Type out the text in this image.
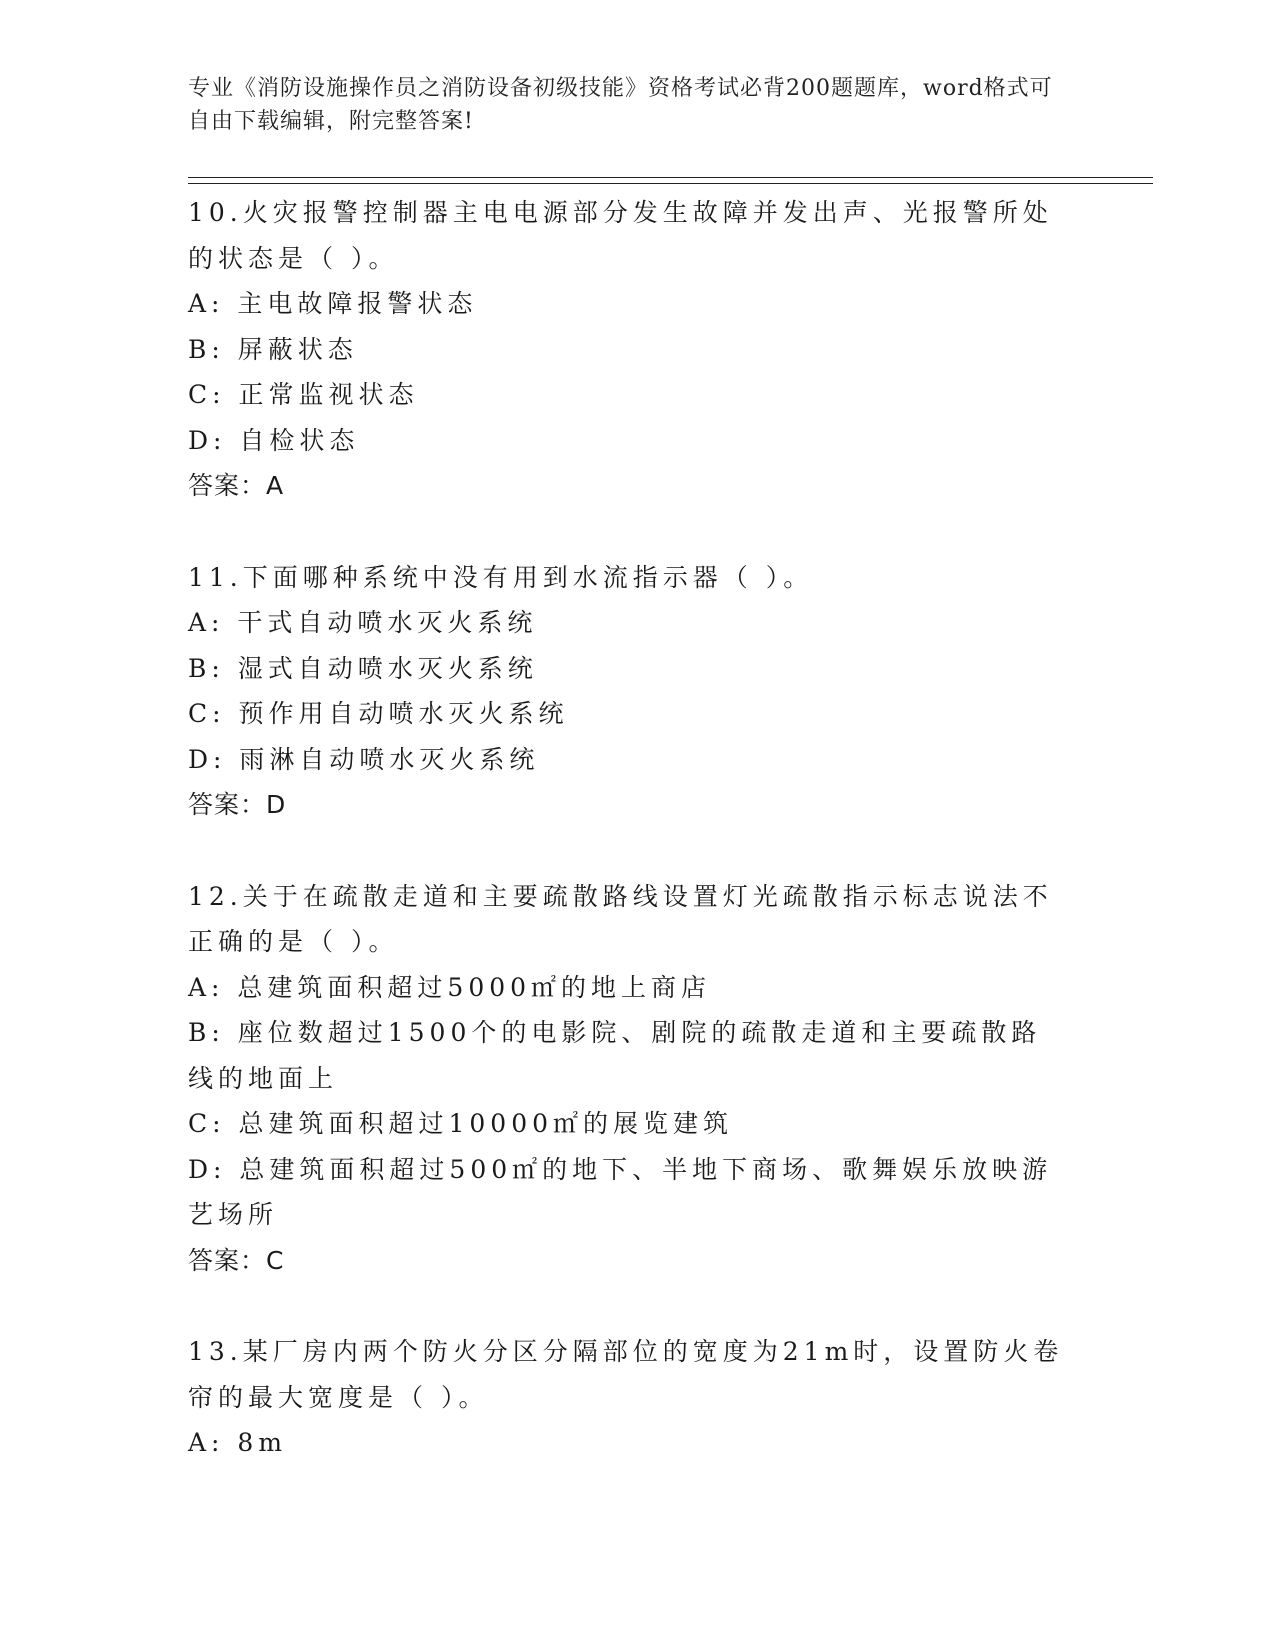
专业《消防设施操作员之消防设备初级技能》资格考试必背200题题库，word格式可自由下载编辑，附完整答案!
10.火灾报警控制器主电电源部分发生故障并发出声、光报警所处的状态是（ ）。
A: 主电故障报警状态
B: 屏蔽状态
C: 正常监视状态
D: 自检状态
答案：A
11.下面哪种系统中没有用到水流指示器（ ）。
A: 干式自动喷水灭火系统
B: 湿式自动喷水灭火系统
C: 预作用自动喷水灭火系统
D: 雨淋自动喷水灭火系统
答案：D
12.关于在疏散走道和主要疏散路线设置灯光疏散指示标志说法不正确的是（ ）。
A: 总建筑面积超过5000㎡的地上商店
B: 座位数超过1500个的电影院、剧院的疏散走道和主要疏散路线的地面上
C: 总建筑面积超过10000㎡的展览建筑
D: 总建筑面积超过500㎡的地下、半地下商场、歌舞娱乐放映游艺场所
答案：C
13.某厂房内两个防火分区分隔部位的宽度为21m时，设置防火卷帘的最大宽度是（ ）。
A: 8m
